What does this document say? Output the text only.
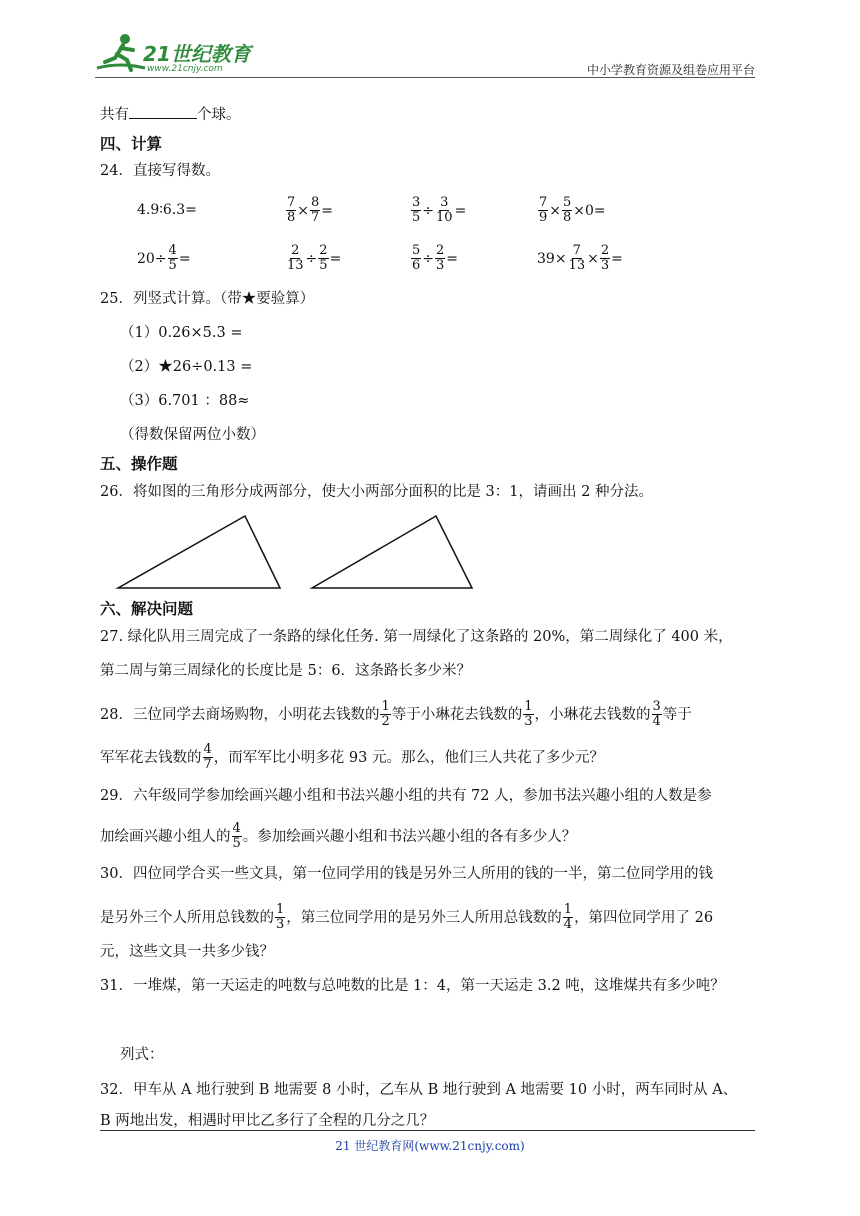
21世纪教育
www.21cnjy.com	中小学教育资源及组卷应用平台
共有	个球。
四、计算
24．直接写得数。
4.9∶6.3=	$\frac{7}{8} \times \frac{8}{7}$ =	$\frac{3}{5} \div \frac{3}{10}$ =	$\frac{7}{9} \times \frac{5}{8} \times 0=$
$20\div \frac{4}{5}$ =	$\frac{2}{13} \div \frac{2}{5}$ =	$\frac{5}{6} \div \frac{2}{3}$ =	$39\times \frac{7}{13} \times \frac{2}{3}$ =
25．列竖式计算。（带★要验算）
（1）0.26×5.3 =
（2）★26÷0.13 =
（3）6.701 ：88≈
（得数保留两位小数）
五、操作题
26．将如图的三角形分成两部分，使大小两部分面积的比是 3：1，请画出 2 种分法。
六、解决问题
27. 绿化队用三周完成了一条路的绿化任务. 第一周绿化了这条路的 20%，第二周绿化了 400 米，
第二周与第三周绿化的长度比是 5：6．这条路长多少米？
28．三位同学去商场购物，小明花去钱数的 $\frac{1}{2}$ 等于小琳花去钱数的 $\frac{1}{3}$ ，小琳花去钱数的 $\frac{3}{4}$ 等于
军军花去钱数的 $\frac{4}{7}$ ，而军军比小明多花 93 元。那么，他们三人共花了多少元？
29．六年级同学参加绘画兴趣小组和书法兴趣小组的共有 72 人，参加书法兴趣小组的人数是参
加绘画兴趣小组人的 $\frac{4}{5}$ 。参加绘画兴趣小组和书法兴趣小组的各有多少人？
30．四位同学合买一些文具，第一位同学用的钱是另外三人所用的钱的一半，第二位同学用的钱
是另外三个人所用总钱数的 $\frac{1}{3}$ ，第三位同学用的是另外三人所用总钱数的 $\frac{1}{4}$ ，第四位同学用了 26
元，这些文具一共多少钱？
31．一堆煤，第一天运走的吨数与总吨数的比是 1：4，第一天运走 3.2 吨，这堆煤共有多少吨？
列式：
32．甲车从 A 地行驶到 B 地需要 8 小时，乙车从 B 地行驶到 A 地需要 10 小时，两车同时从 A、
B 两地出发，相遇时甲比乙多行了全程的几分之几？
21 世纪教育网(www.21cnjy.com)
